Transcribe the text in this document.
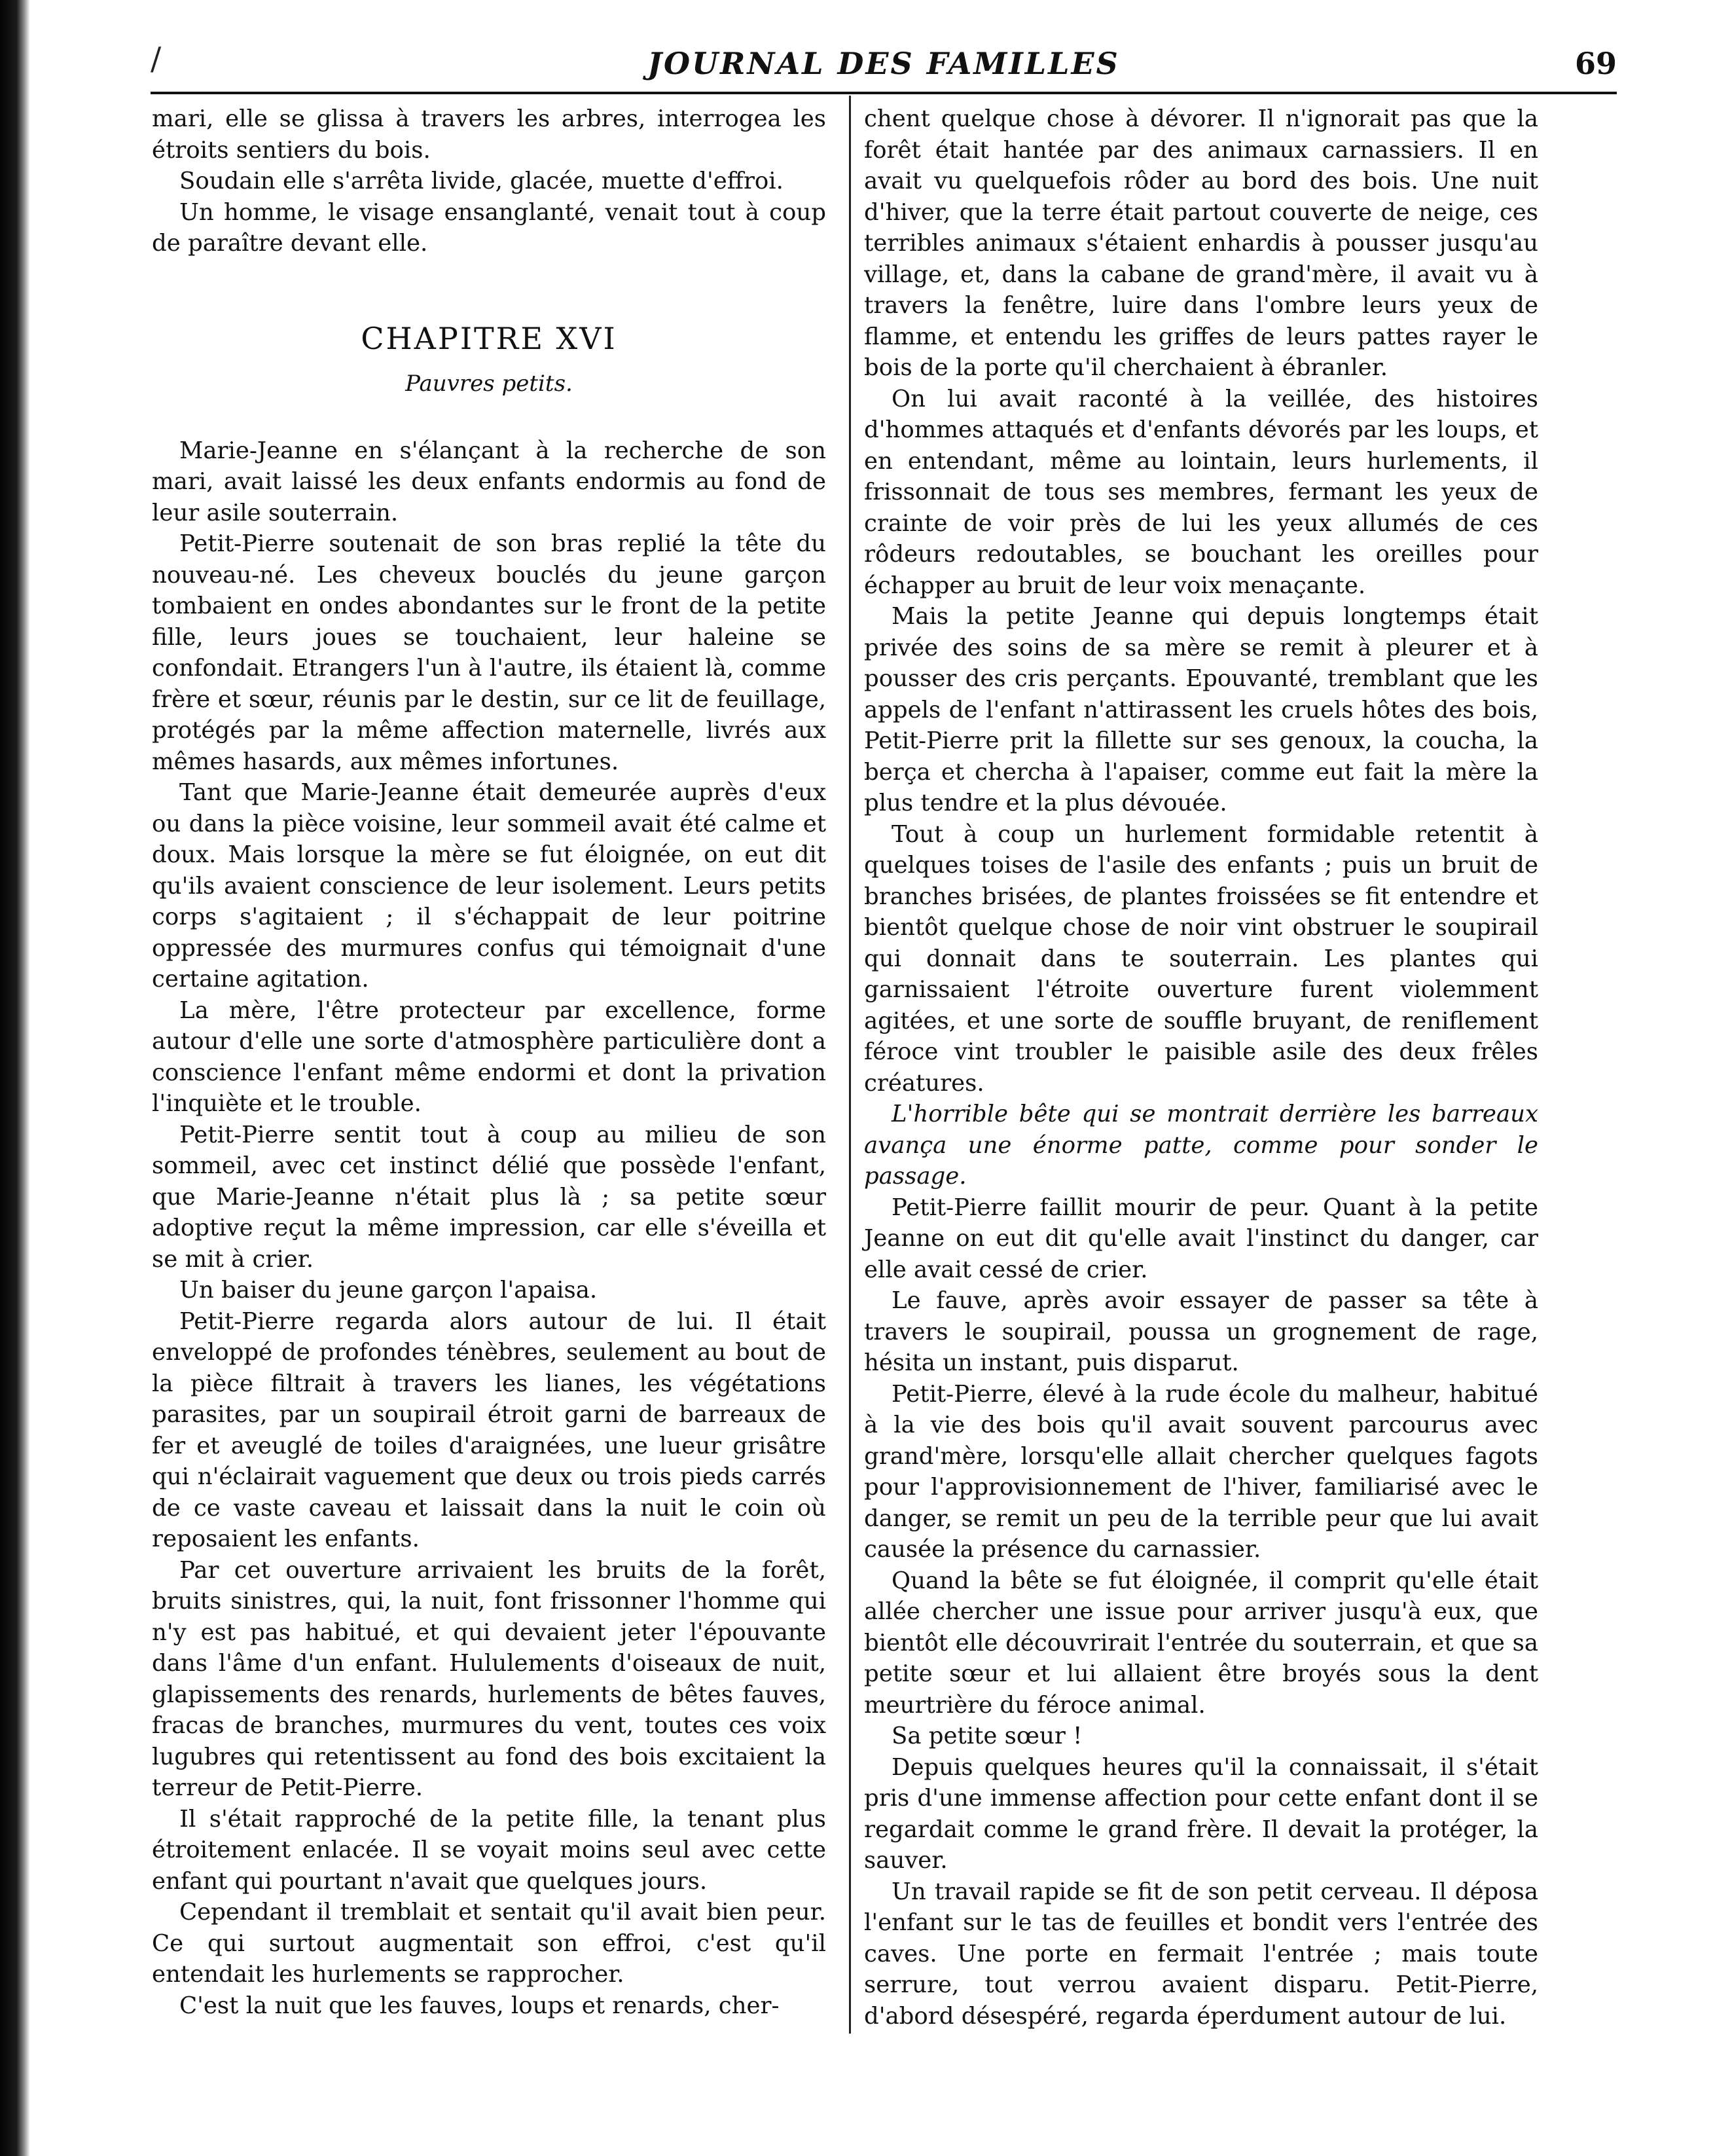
/	JOURNAL DES FAMILLES	69

mari, elle se glissa à travers les arbres, interrogea les étroits sentiers du bois.

Soudain elle s'arrêta livide, glacée, muette d'effroi.

Un homme, le visage ensanglanté, venait tout à coup de paraître devant elle.

CHAPITRE XVI
Pauvres petits.

Marie-Jeanne en s'élançant à la recherche de son mari, avait laissé les deux enfants endormis au fond de leur asile souterrain.

Petit-Pierre soutenait de son bras replié la tête du nouveau-né. Les cheveux bouclés du jeune garçon tombaient en ondes abondantes sur le front de la petite fille, leurs joues se touchaient, leur haleine se confondait. Etrangers l'un à l'autre, ils étaient là, comme frère et sœur, réunis par le destin, sur ce lit de feuillage, protégés par la même affection maternelle, livrés aux mêmes hasards, aux mêmes infortunes.

Tant que Marie-Jeanne était demeurée auprès d'eux ou dans la pièce voisine, leur sommeil avait été calme et doux. Mais lorsque la mère se fut éloignée, on eut dit qu'ils avaient conscience de leur isolement. Leurs petits corps s'agitaient ; il s'échappait de leur poitrine oppressée des murmures confus qui témoignait d'une certaine agitation.

La mère, l'être protecteur par excellence, forme autour d'elle une sorte d'atmosphère particulière dont a conscience l'enfant même endormi et dont la privation l'inquiète et le trouble.

Petit-Pierre sentit tout à coup au milieu de son sommeil, avec cet instinct délié que possède l'enfant, que Marie-Jeanne n'était plus là ; sa petite sœur adoptive reçut la même impression, car elle s'éveilla et se mit à crier.

Un baiser du jeune garçon l'apaisa.

Petit-Pierre regarda alors autour de lui. Il était enveloppé de profondes ténèbres, seulement au bout de la pièce filtrait à travers les lianes, les végétations parasites, par un soupirail étroit garni de barreaux de fer et aveuglé de toiles d'araignées, une lueur grisâtre qui n'éclairait vaguement que deux ou trois pieds carrés de ce vaste caveau et laissait dans la nuit le coin où reposaient les enfants.

Par cet ouverture arrivaient les bruits de la forêt, bruits sinistres, qui, la nuit, font frissonner l'homme qui n'y est pas habitué, et qui devaient jeter l'épouvante dans l'âme d'un enfant. Hululements d'oiseaux de nuit, glapissements des renards, hurlements de bêtes fauves, fracas de branches, murmures du vent, toutes ces voix lugubres qui retentissent au fond des bois excitaient la terreur de Petit-Pierre.

Il s'était rapproché de la petite fille, la tenant plus étroitement enlacée. Il se voyait moins seul avec cette enfant qui pourtant n'avait que quelques jours.

Cependant il tremblait et sentait qu'il avait bien peur. Ce qui surtout augmentait son effroi, c'est qu'il entendait les hurlements se rapprocher.

C'est la nuit que les fauves, loups et renards, cher-

chent quelque chose à dévorer. Il n'ignorait pas que la forêt était hantée par des animaux carnassiers. Il en avait vu quelquefois rôder au bord des bois. Une nuit d'hiver, que la terre était partout couverte de neige, ces terribles animaux s'étaient enhardis à pousser jusqu'au village, et, dans la cabane de grand'mère, il avait vu à travers la fenêtre, luire dans l'ombre leurs yeux de flamme, et entendu les griffes de leurs pattes rayer le bois de la porte qu'il cherchaient à ébranler.

On lui avait raconté à la veillée, des histoires d'hommes attaqués et d'enfants dévorés par les loups, et en entendant, même au lointain, leurs hurlements, il frissonnait de tous ses membres, fermant les yeux de crainte de voir près de lui les yeux allumés de ces rôdeurs redoutables, se bouchant les oreilles pour échapper au bruit de leur voix menaçante.

Mais la petite Jeanne qui depuis longtemps était privée des soins de sa mère se remit à pleurer et à pousser des cris perçants. Epouvanté, tremblant que les appels de l'enfant n'attirassent les cruels hôtes des bois, Petit-Pierre prit la fillette sur ses genoux, la coucha, la berça et chercha à l'apaiser, comme eut fait la mère la plus tendre et la plus dévouée.

Tout à coup un hurlement formidable retentit à quelques toises de l'asile des enfants ; puis un bruit de branches brisées, de plantes froissées se fit entendre et bientôt quelque chose de noir vint obstruer le soupirail qui donnait dans te souterrain. Les plantes qui garnissaient l'étroite ouverture furent violemment agitées, et une sorte de souffle bruyant, de reniflement féroce vint troubler le paisible asile des deux frêles créatures.

L'horrible bête qui se montrait derrière les barreaux avança une énorme patte, comme pour sonder le passage.

Petit-Pierre faillit mourir de peur. Quant à la petite Jeanne on eut dit qu'elle avait l'instinct du danger, car elle avait cessé de crier.

Le fauve, après avoir essayer de passer sa tête à travers le soupirail, poussa un grognement de rage, hésita un instant, puis disparut.

Petit-Pierre, élevé à la rude école du malheur, habitué à la vie des bois qu'il avait souvent parcourus avec grand'mère, lorsqu'elle allait chercher quelques fagots pour l'approvisionnement de l'hiver, familiarisé avec le danger, se remit un peu de la terrible peur que lui avait causée la présence du carnassier.

Quand la bête se fut éloignée, il comprit qu'elle était allée chercher une issue pour arriver jusqu'à eux, que bientôt elle découvrirait l'entrée du souterrain, et que sa petite sœur et lui allaient être broyés sous la dent meurtrière du féroce animal.

Sa petite sœur !

Depuis quelques heures qu'il la connaissait, il s'était pris d'une immense affection pour cette enfant dont il se regardait comme le grand frère. Il devait la protéger, la sauver.

Un travail rapide se fit de son petit cerveau. Il déposa l'enfant sur le tas de feuilles et bondit vers l'entrée des caves. Une porte en fermait l'entrée ; mais toute serrure, tout verrou avaient disparu. Petit-Pierre, d'abord désespéré, regarda éperdument autour de lui.
